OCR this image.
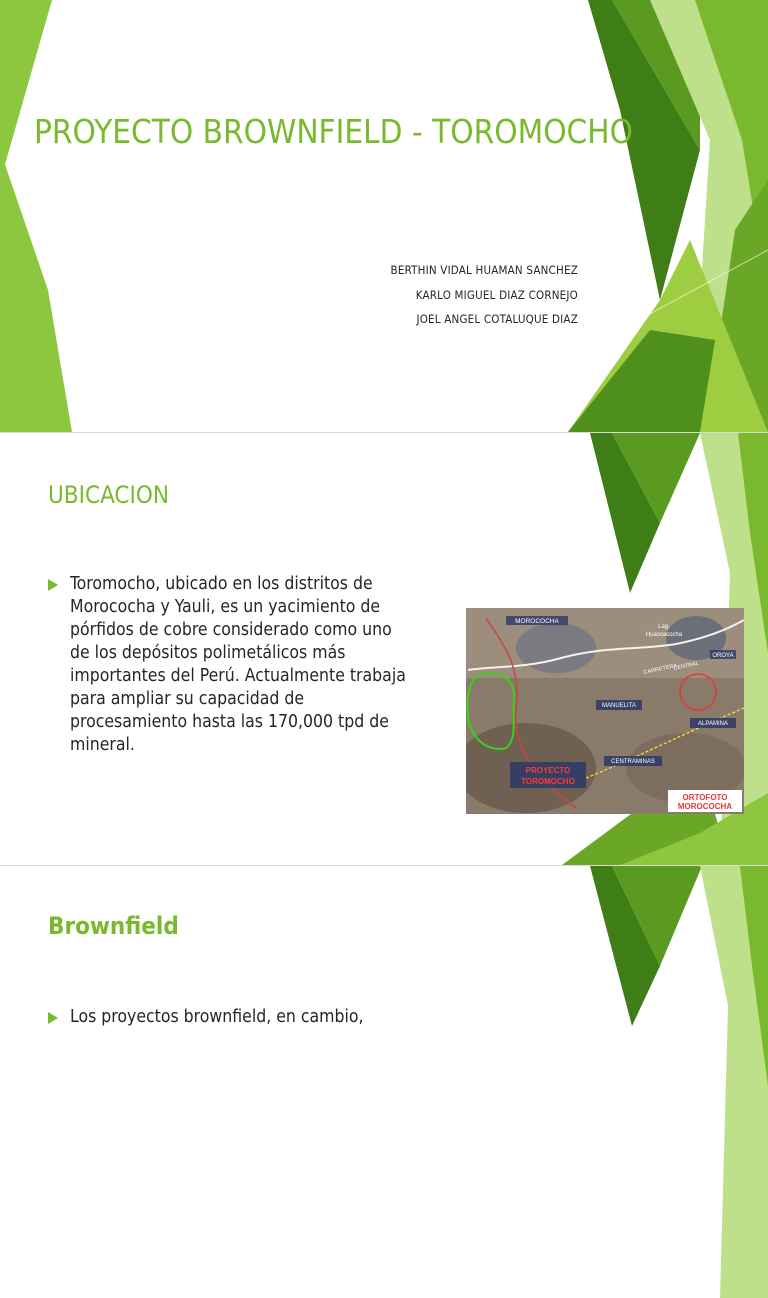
PROYECTO BROWNFIELD - TOROMOCHO
BERTHIN VIDAL HUAMAN SANCHEZ
KARLO MIGUEL DIAZ CORNEJO
JOEL ANGEL COTALUQUE DIAZ
UBICACION

Toromocho, ubicado en los distritos de Morococha y Yauli, es un yacimiento de pórfidos de cobre considerado como uno de los depósitos polimetálicos más importantes del Perú. Actualmente trabaja para ampliar su capacidad de procesamiento hasta las 170,000 tpd de mineral.

MOROCOCHA
Lag.
Huascacocha
CARRETERA
CENTRAL
OROYA
MANUELITA
ALPAMINA
CENTRAMINAS
PROYECTO
TOROMOCHO
ORTOFOTO
MOROCOCHA
Brownfield

Los proyectos brownfield, en cambio,
